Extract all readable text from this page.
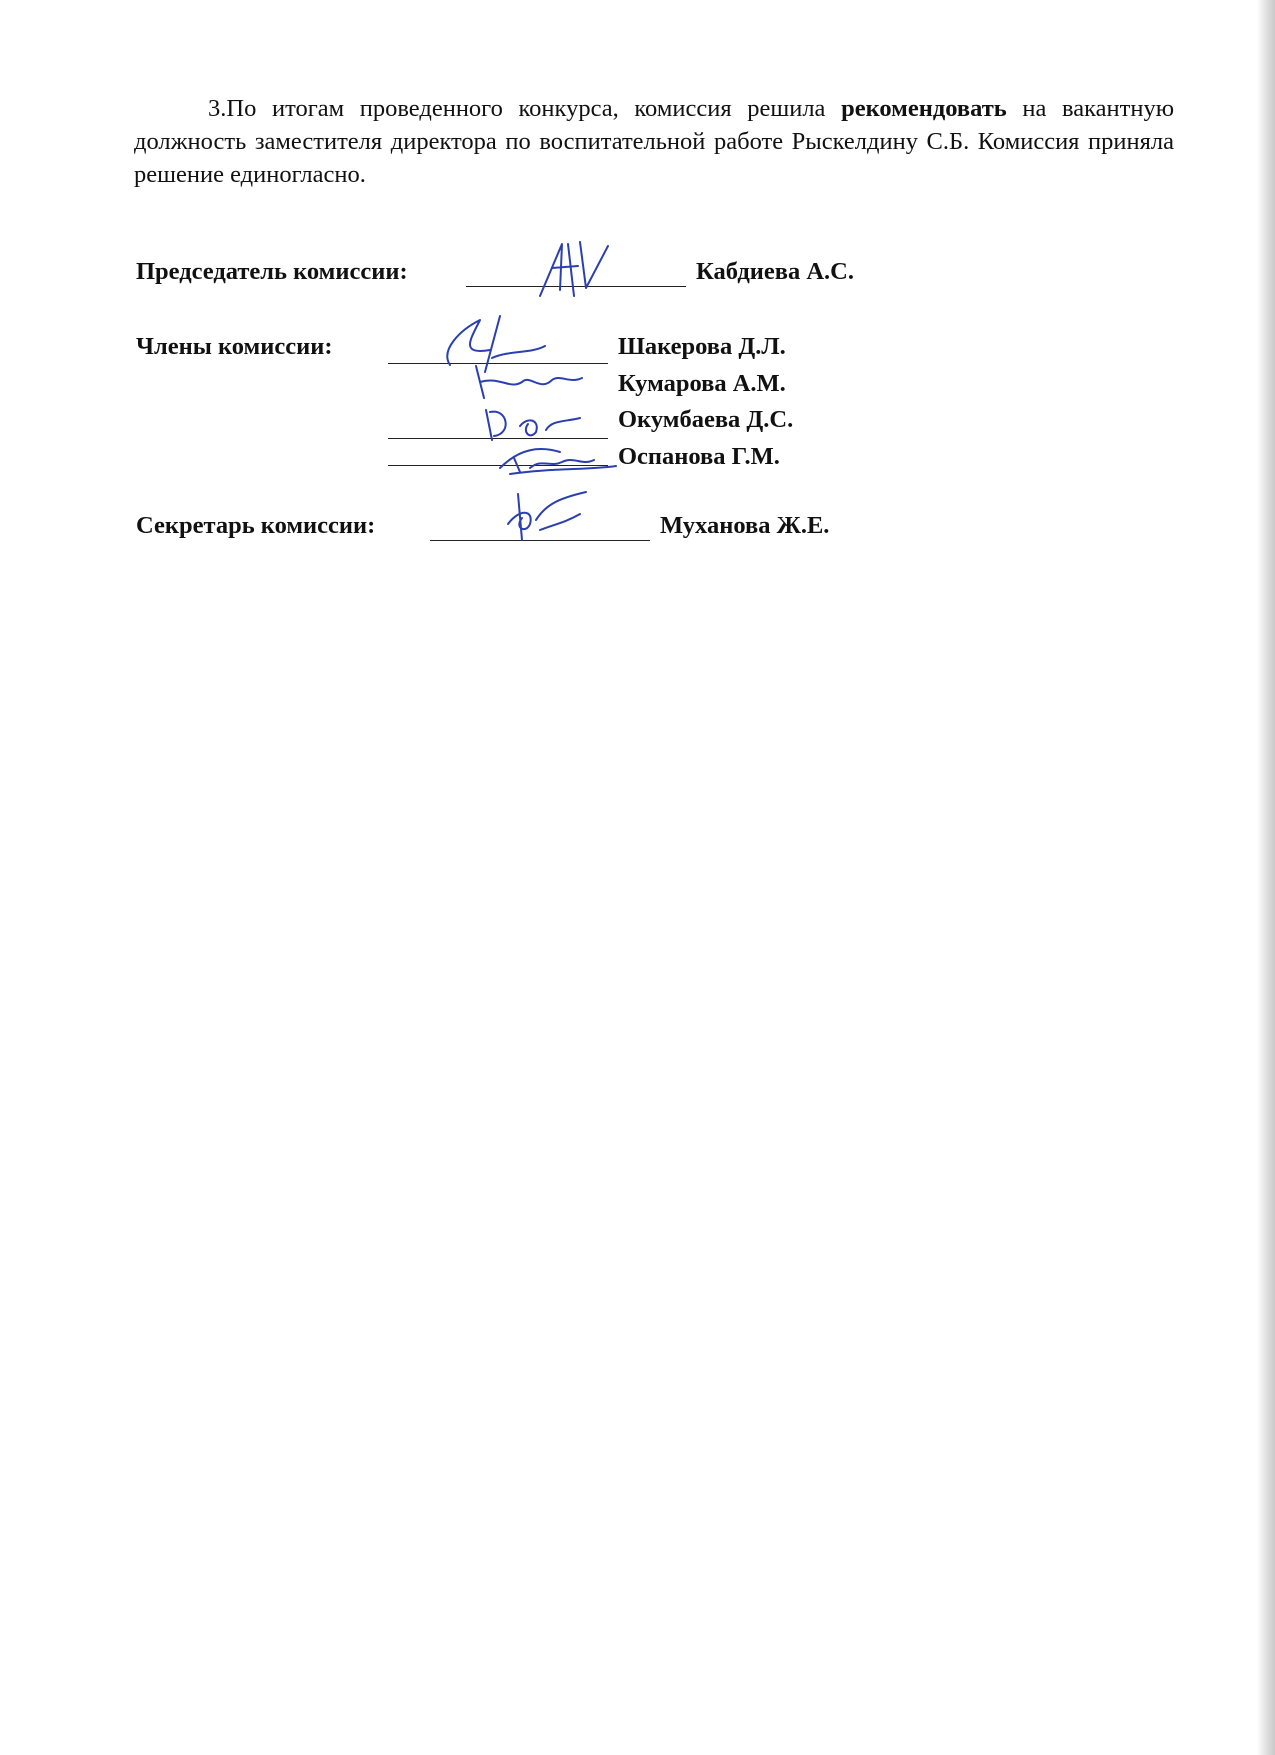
3.По итогам проведенного конкурса, комиссия решила рекомендовать на вакантную должность заместителя директора по воспитательной работе Рыскелдину С.Б. Комиссия приняла решение единогласно.

Председатель комиссии:	Кабдиева А.С.
Члены комиссии:	Шакерова Д.Л.
Кумарова А.М.
Окумбаева Д.С.
Оспанова Г.М.
Секретарь комиссии:	Муханова Ж.Е.
